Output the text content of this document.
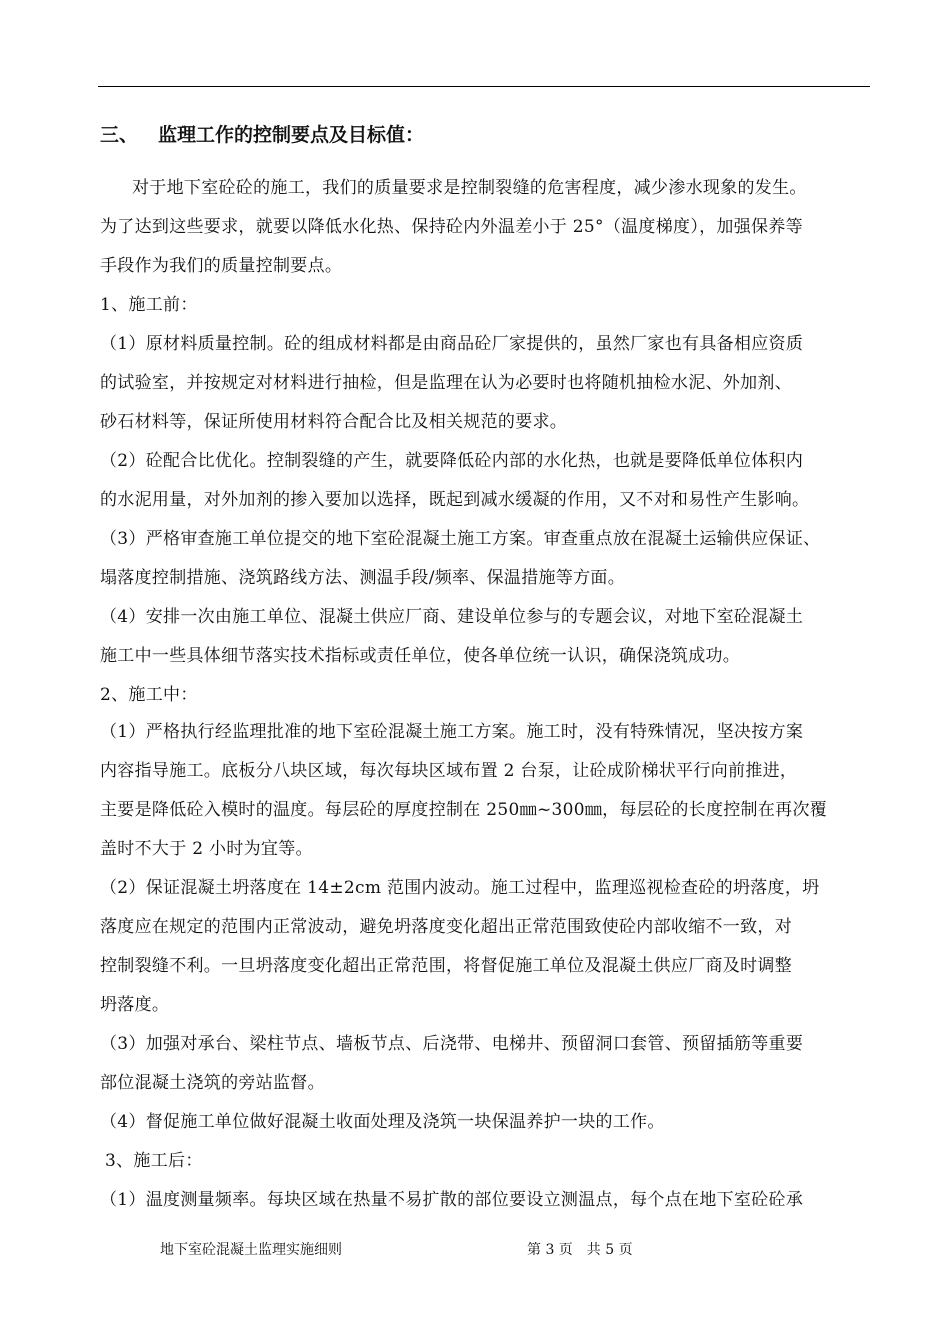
三、 监理工作的控制要点及目标值：
对于地下室砼砼的施工，我们的质量要求是控制裂缝的危害程度，减少渗水现象的发生。
为了达到这些要求，就要以降低水化热、保持砼内外温差小于 25°（温度梯度），加强保养等
手段作为我们的质量控制要点。
1、施工前：
（1）原材料质量控制。砼的组成材料都是由商品砼厂家提供的，虽然厂家也有具备相应资质
的试验室，并按规定对材料进行抽检，但是监理在认为必要时也将随机抽检水泥、外加剂、
砂石材料等，保证所使用材料符合配合比及相关规范的要求。
（2）砼配合比优化。控制裂缝的产生，就要降低砼内部的水化热，也就是要降低单位体积内
的水泥用量，对外加剂的掺入要加以选择，既起到减水缓凝的作用，又不对和易性产生影响。
（3）严格审查施工单位提交的地下室砼混凝土施工方案。审查重点放在混凝土运输供应保证、
塌落度控制措施、浇筑路线方法、测温手段/频率、保温措施等方面。
（4）安排一次由施工单位、混凝土供应厂商、建设单位参与的专题会议，对地下室砼混凝土
施工中一些具体细节落实技术指标或责任单位，使各单位统一认识，确保浇筑成功。
2、施工中：
（1）严格执行经监理批准的地下室砼混凝土施工方案。施工时，没有特殊情况，坚决按方案
内容指导施工。底板分八块区域，每次每块区域布置 2 台泵，让砼成阶梯状平行向前推进，
主要是降低砼入模时的温度。每层砼的厚度控制在 250㎜~300㎜，每层砼的长度控制在再次覆
盖时不大于 2 小时为宜等。
（2）保证混凝土坍落度在 14±2cm 范围内波动。施工过程中，监理巡视检查砼的坍落度，坍
落度应在规定的范围内正常波动，避免坍落度变化超出正常范围致使砼内部收缩不一致，对
控制裂缝不利。一旦坍落度变化超出正常范围，将督促施工单位及混凝土供应厂商及时调整
坍落度。
（3）加强对承台、梁柱节点、墙板节点、后浇带、电梯井、预留洞口套管、预留插筋等重要
部位混凝土浇筑的旁站监督。
（4）督促施工单位做好混凝土收面处理及浇筑一块保温养护一块的工作。
3、施工后：
（1）温度测量频率。每块区域在热量不易扩散的部位要设立测温点，每个点在地下室砼砼承
地下室砼混凝土监理实施细则	第 3 页　共 5 页
